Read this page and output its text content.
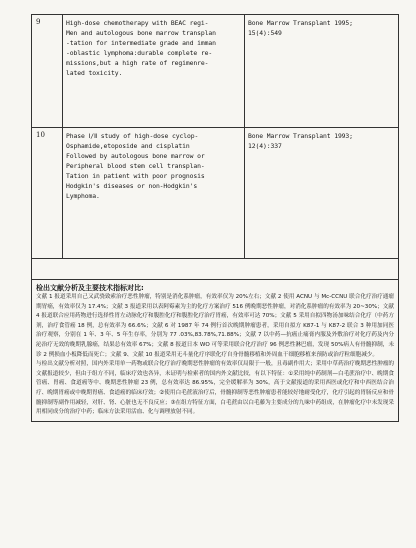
9	High-dose chemotherapy with BEAC regi-
Men and autologous bone marrow transplan
-tation for intermediate grade and imman
-oblastic lymphoma:durable complete re-
missions,but a high rate of regimenre-
lated toxicity.
Bone Marrow Transplant 1995;
15(4):549
10	Phase Ⅰ/Ⅱ study of high-dose cyclop-
Osphamide,etoposide and cisplatin
Followed by autologous bone marrow or
Peripheral blood stem cell transplan-
Tation in patient with poor prognosis
Hodgkin's diseases or non-Hodgkin's
Lymphoma.
Bone Marrow Transplant 1993;
12(4):337
检出文献分析及主要技术指标对比:

文献 1 报道采用自己又武骁致索治疗恶性肿瘤，特别是消化系肿瘤，有效率仅为 20%左右；文献 2 使用 ACNU 与 Mc-CCNU 联合化疗治疗通瘤期胃癌，有效率仅为 17.4%；文献 3 报道采用以表阿霉素为主的化疗方案治疗 516 例晚期恶性肿瘤，对消化系肿瘤的有效率为 20~30%；文献 4 报道联合应用药物进行选择性胃左动脉化疗和腹腔化疗和腹腔化疗治疗胃癌，有效率可达 70%；文献 5 采用自拟四物汤加味结合化疗（中药方剂，治疗食管癌 18 例，总有效率为 66.6%；文献 6 对 1987 年 74 例行首次晚期肿瘤患者，采用自拟方 K87-1 与 K87-2 联合 3 种用加同医治疗观察，分别在 1 年、3 年、5 年生存率，分别为 77 .03%,83.78%,71.88%；文献 7 以中药—抗癌止痛膏内服及外敷治疗对化疗药及内分泌治疗无效的晚期乳腺癌，结果总有效率 67%；文献 8 报道日本 WO 可等采用联合化疗治疗 96 例恶性淋巴瘤，发现 50%病人有骨髓抑制，未诊 2 例损血小板降低而死亡；文献 9、文献 10 报道采用无斗量化疗序联化疗自身骨髓移植和外周血干细胞移植来预防或治疗粒细胞减少。

与检出文献分析对照，国内外采用单一药物或联合化疗治疗晚期恶性肿瘤的有效率仅局限于一般，且毒副作用大；采用中草药治疗晚期恶性肿瘤的文献报道较少，但由于组方不同，临床疗效也各异，未证明与检索者的国内外文献比较，有以下特征：①采用纯中药制剂—白毛蔗治疗中、晚期食管癌、胃癌、食道癌等中、晚期恶性肿瘤 23 例，总有效率达 86.95%，完全缓解率为 30%，高于文献报道的采用西医或化疗和中西医结合治疗、晚期胃癌或中晚期胃癌、食道癌的临床疗效；②使用白毛蔗液治疗后，骨髓抑制等恶性肿瘤患者能较好地耐受化疗，化疗引起的胃肠反应和骨髓抑制等副作用减轻，对肝、肾、心脏也无不良反应；③在组方特征方面，白毛蔗由以白毛藤为主要成分的九味中药组成，在肿瘤化疗中未发现采用相同成分的治疗中药；临床方法采用活血、化与调理放射不同。
